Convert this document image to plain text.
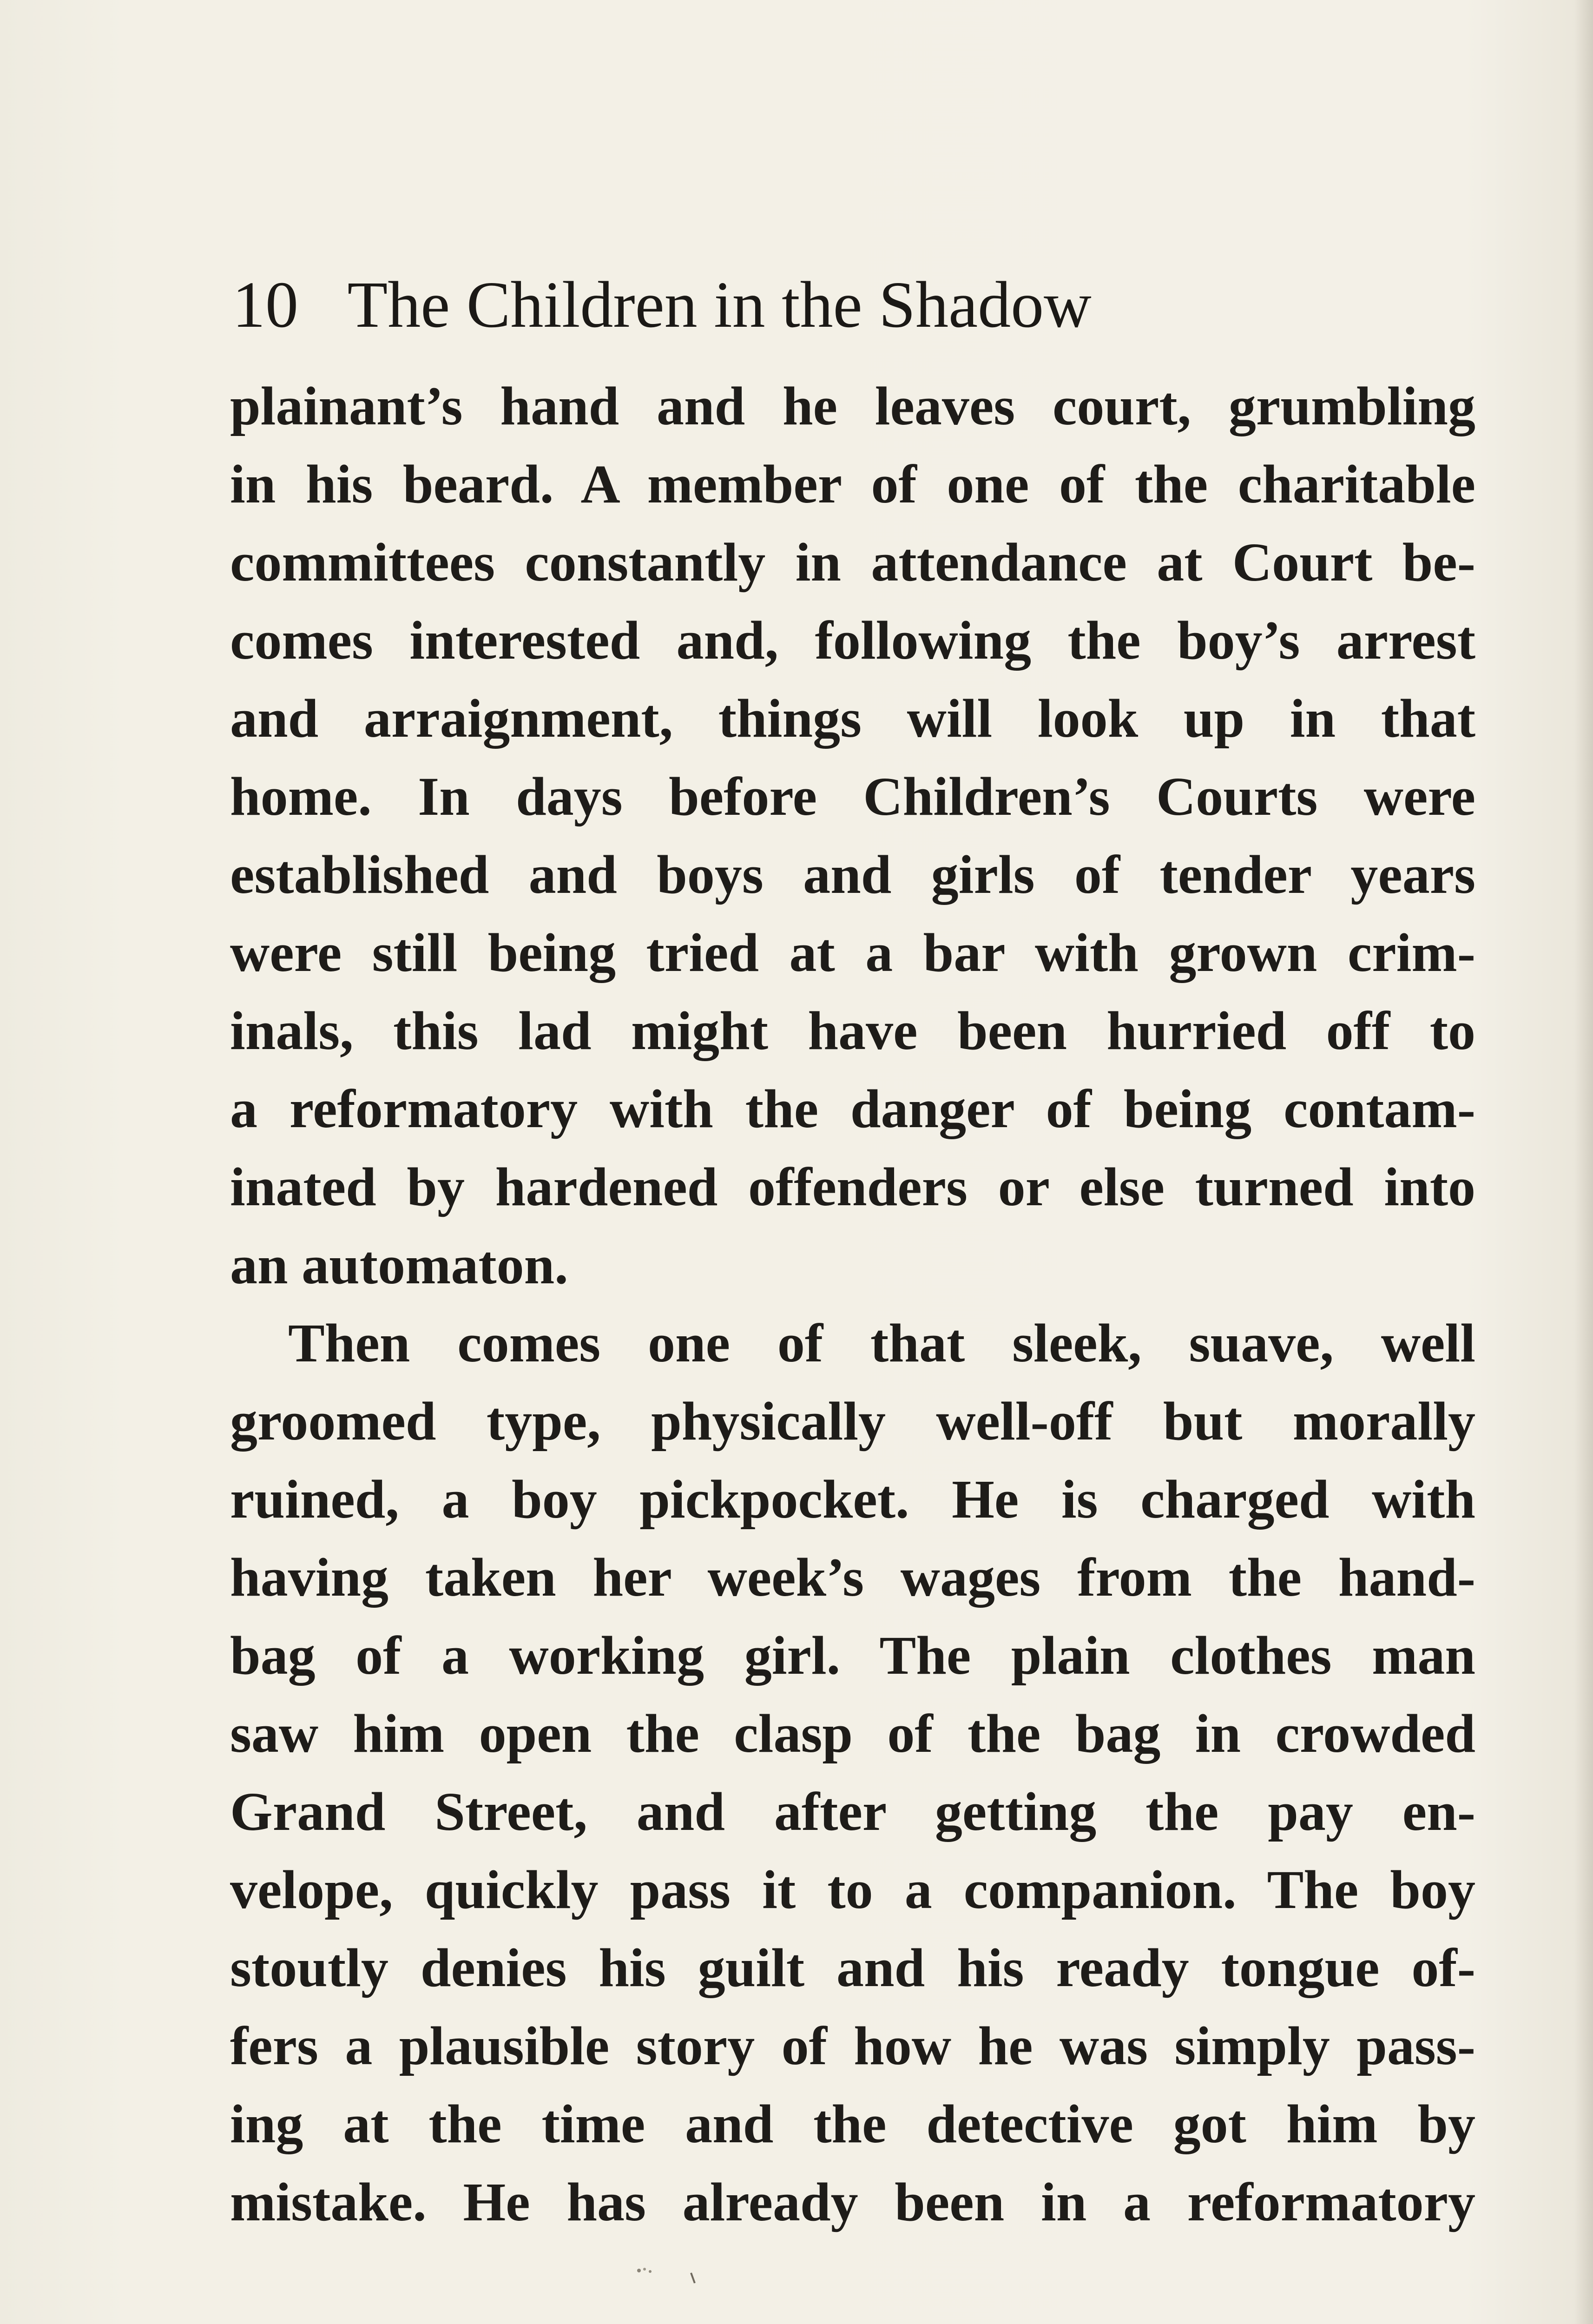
10 The Children in the Shadow
plainant’s hand and he leaves court, grumbling
in his beard. A member of one of the charitable
committees constantly in attendance at Court be-
comes interested and, following the boy’s arrest
and arraignment, things will look up in that
home. In days before Children’s Courts were
established and boys and girls of tender years
were still being tried at a bar with grown crim-
inals, this lad might have been hurried off to
a reformatory with the danger of being contam-
inated by hardened offenders or else turned into
an automaton.
Then comes one of that sleek, suave, well
groomed type, physically well-off but morally
ruined, a boy pickpocket. He is charged with
having taken her week’s wages from the hand-
bag of a working girl. The plain clothes man
saw him open the clasp of the bag in crowded
Grand Street, and after getting the pay en-
velope, quickly pass it to a companion. The boy
stoutly denies his guilt and his ready tongue of-
fers a plausible story of how he was simply pass-
ing at the time and the detective got him by
mistake. He has already been in a reformatory
